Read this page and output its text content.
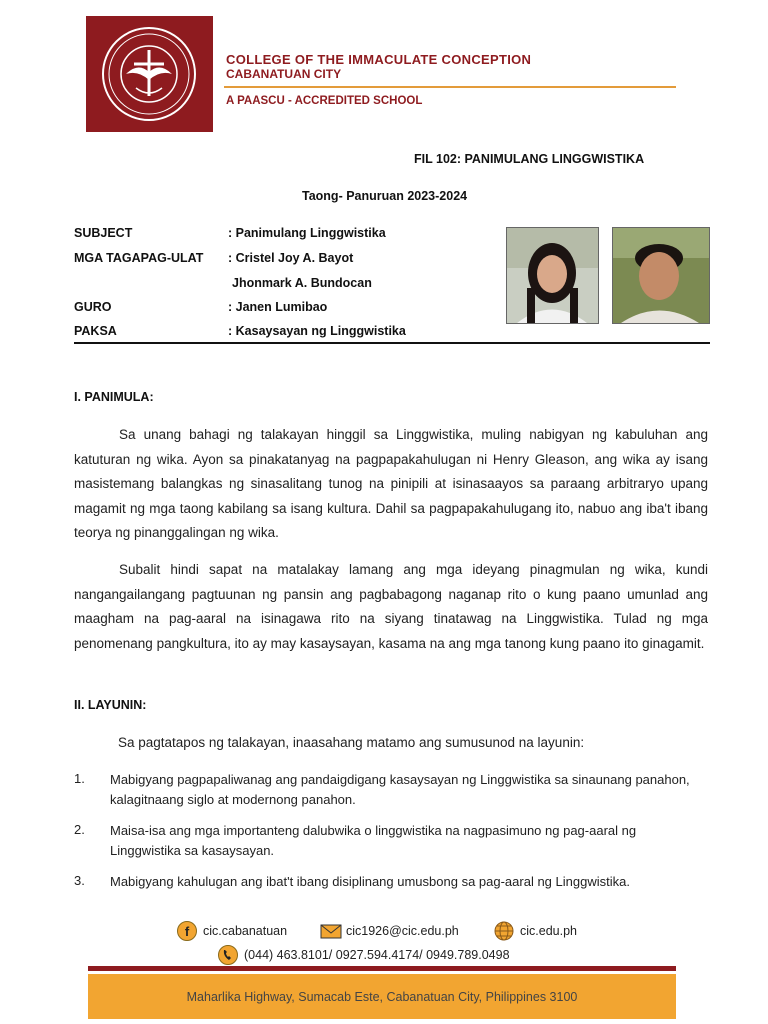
COLLEGE OF THE IMMACULATE CONCEPTION
CABANATUAN CITY
A PAASCU - ACCREDITED SCHOOL
FIL 102: PANIMULANG LINGGWISTIKA
Taong- Panuruan 2023-2024
SUBJECT	: Panimulang Linggwistika
MGA TAGAPAG-ULAT : Cristel Joy A. Bayot
Jhonmark A. Bundocan
GURO	: Janen Lumibao
PAKSA	: Kasaysayan ng Linggwistika
I. PANIMULA:

Sa unang bahagi ng talakayan hinggil sa Linggwistika, muling nabigyan ng kabuluhan ang katuturan ng wika. Ayon sa pinakatanyag na pagpapakahulugan ni Henry Gleason, ang wika ay isang masistemang balangkas ng sinasalitang tunog na pinipili at isinasaayos sa paraang arbitraryo upang magamit ng mga taong kabilang sa isang kultura. Dahil sa pagpapakahulugang ito, nabuo ang iba't ibang teorya ng pinanggalingan ng wika.

Subalit hindi sapat na matalakay lamang ang mga ideyang pinagmulan ng wika, kundi nangangailangang pagtuunan ng pansin ang pagbabagong naganap rito o kung paano umunlad ang maagham na pag-aaral na isinagawa rito na siyang tinatawag na Linggwistika. Tulad ng mga penomenang pangkultura, ito ay may kasaysayan, kasama na ang mga tanong kung paano ito ginagamit.

II. LAYUNIN:
Sa pagtatapos ng talakayan, inaasahang matamo ang sumusunod na layunin:
1. Mabigyang pagpapaliwanag ang pandaigdigang kasaysayan ng Linggwistika sa sinaunang panahon, kalagitnaang siglo at modernong panahon.
2. Maisa-isa ang mga importanteng dalubwika o linggwistika na nagpasimuno ng pag-aaral ng Linggwistika sa kasaysayan.
3. Mabigyang kahulugan ang ibat't ibang disiplinang umusbong sa pag-aaral ng Linggwistika.
f cic.cabanatuan	cic1926@cic.edu.ph	cic.edu.ph
(044) 463.8101/ 0927.594.4174/ 0949.789.0498
Maharlika Highway, Sumacab Este, Cabanatuan City, Philippines 3100
